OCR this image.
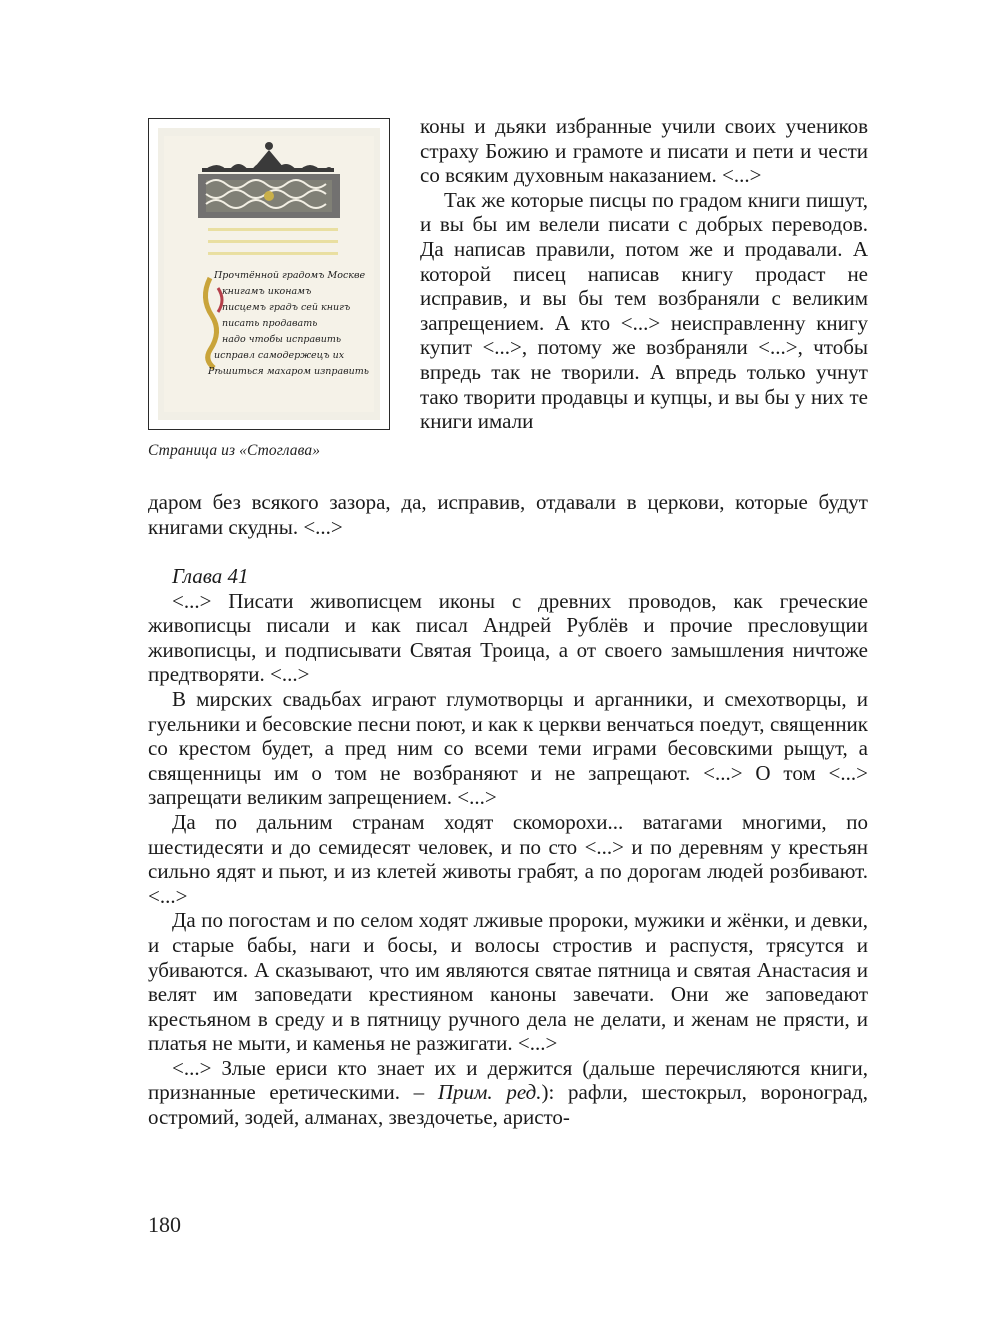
Прочтённой градомъ Москве
книгамъ иконамъ
писцемъ градъ сей книгъ
писать продавать
надо чтобы исправить
исправл самодержецъ их
Рѣшиться махаром изправить
Страница из «Стоглава»

коны и дьяки избранные учили своих учеников страху Божию и грамоте и писати и пети и чести со всяким духовным наказанием. <...>

Так же которые писцы по градом книги пишут, и вы бы им велели писати с добрых переводов. Да написав правили, потом же и продавали. А которой писец написав книгу продаст не исправив, и вы бы тем возбраняли с великим запрещением. А кто <...> неисправленну книгу купит <...>, потому же возбраняли <...>, чтобы впредь так не творили. А впредь только учнут тако творити продавцы и купцы, и вы бы у них те книги имали

даром без всякого зазора, да, исправив, отдавали в церкови, которые будут книгами скудны. <...>

Глава 41

<...> Писати живописцем иконы с древних проводов, как греческие живописцы писали и как писал Андрей Рублёв и прочие пресловущии живописцы, и подписывати Святая Троица, а от своего замышления ничтоже предтворяти. <...>

В мирских свадьбах играют глумотворцы и арганники, и смехотворцы, и гуельники и бесовские песни поют, и как к церкви венчаться поедут, священник со крестом будет, а пред ним со всеми теми играми бесовскими рыщут, а священницы им о том не возбраняют и не запрещают. <...> О том <...> запрещати великим запрещением. <...>

Да по дальним странам ходят скоморохи... ватагами многими, по шестидесяти и до семидесят человек, и по сто <...> и по деревням у крестьян сильно ядят и пьют, и из клетей животы грабят, а по дорогам людей розбивают. <...>

Да по погостам и по селом ходят лживые пророки, мужики и жёнки, и девки, и старые бабы, наги и босы, и волосы стростив и распустя, трясутся и убиваются. А сказывают, что им являются святае пятница и святая Анастасия и велят им заповедати крестияном каноны завечати. Они же заповедают крестьяном в среду и в пятницу ручного дела не делати, и женам не прясти, и платья не мыти, и каменья не разжигати. <...>

<...> Злые ериси кто знает их и держится (дальше перечисляются книги, признанные еретическими. – Прим. ред.): рафли, шестокрыл, вороноград, остромий, зодей, алманах, звездочетье, аристо-

180
